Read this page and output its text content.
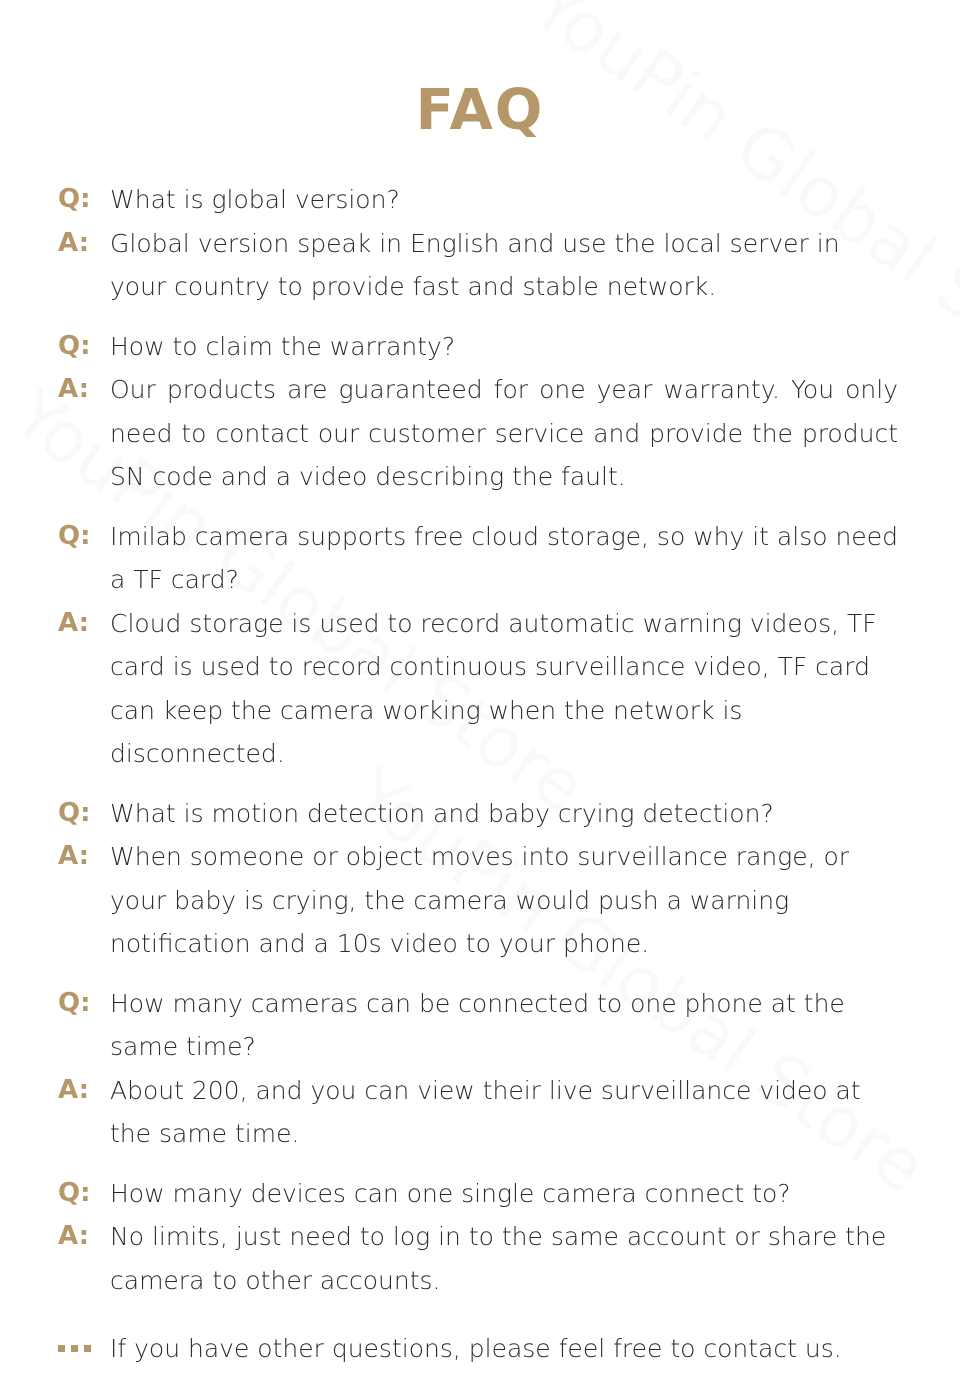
FAQ
Q: What is global version?
A: Global version speak in English and use the local server in your country to provide fast and stable network.
Q: How to claim the warranty?
A: Our products are guaranteed for one year warranty. You only need to contact our customer service and provide the product SN code and a video describing the fault.
Q: Imilab camera supports free cloud storage, so why it also need a TF card?
A: Cloud storage is used to record automatic warning videos, TF card is used to record continuous surveillance video, TF card can keep the camera working when the network is disconnected.
Q: What is motion detection and baby crying detection?
A: When someone or object moves into surveillance range, or your baby is crying, the camera would push a warning notification and a 10s video to your phone.
Q: How many cameras can be connected to one phone at the same time?
A: About 200, and you can view their live surveillance video at the same time.
Q: How many devices can one single camera connect to?
A: No limits, just need to log in to the same account or share the camera to other accounts.
If you have other questions, please feel free to contact us.
